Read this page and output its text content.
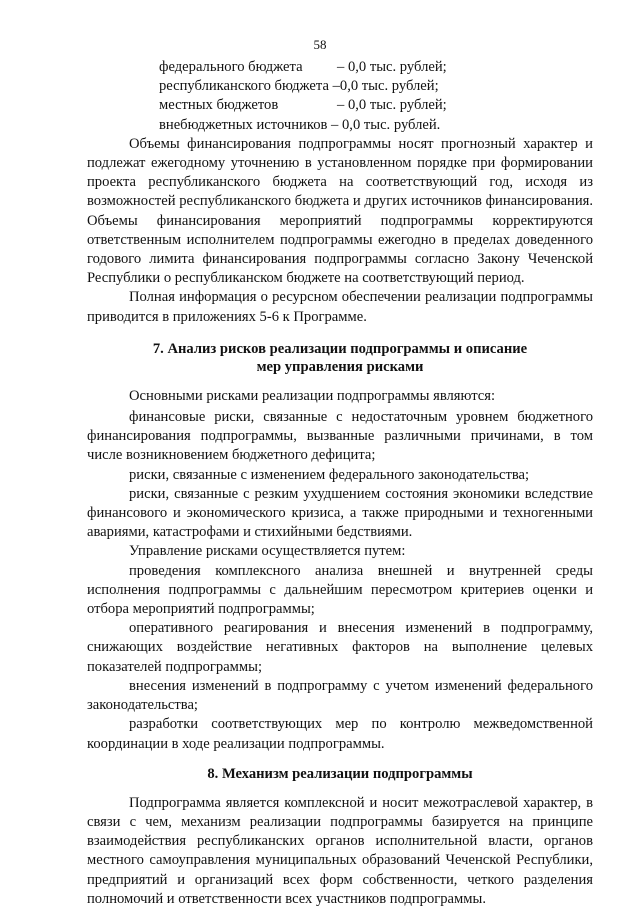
58
федерального бюджета – 0,0 тыс. рублей;
республиканского бюджета –0,0 тыс. рублей;
местных бюджетов	– 0,0 тыс. рублей;
внебюджетных источников – 0,0 тыс. рублей.

Объемы финансирования подпрограммы носят прогнозный характер и подлежат ежегодному уточнению в установленном порядке при формировании проекта республиканского бюджета на соответствующий год, исходя из возможностей республиканского бюджета и других источников финансирования. Объемы финансирования мероприятий подпрограммы корректируются ответственным исполнителем подпрограммы ежегодно в пределах доведенного годового лимита финансирования подпрограммы согласно Закону Чеченской Республики о республиканском бюджете на соответствующий период.

Полная информация о ресурсном обеспечении реализации подпрограммы приводится в приложениях 5-6 к Программе.

7. Анализ рисков реализации подпрограммы и описание
мер управления рисками

Основными рисками реализации подпрограммы являются:

финансовые риски, связанные с недостаточным уровнем бюджетного финансирования подпрограммы, вызванные различными причинами, в том числе возникновением бюджетного дефицита;

риски, связанные с изменением федерального законодательства;

риски, связанные с резким ухудшением состояния экономики вследствие финансового и экономического кризиса, а также природными и техногенными авариями, катастрофами и стихийными бедствиями.

Управление рисками осуществляется путем:

проведения комплексного анализа внешней и внутренней среды исполнения подпрограммы с дальнейшим пересмотром критериев оценки и отбора мероприятий подпрограммы;

оперативного реагирования и внесения изменений в подпрограмму, снижающих воздействие негативных факторов на выполнение целевых показателей подпрограммы;

внесения изменений в подпрограмму с учетом изменений федерального законодательства;

разработки соответствующих мер по контролю межведомственной координации в ходе реализации подпрограммы.

8. Механизм реализации подпрограммы

Подпрограмма является комплексной и носит межотраслевой характер, в связи с чем, механизм реализации подпрограммы базируется на принципе взаимодействия республиканских органов исполнительной власти, органов местного самоуправления муниципальных образований Чеченской Республики, предприятий и организаций всех форм собственности, четкого разделения полномочий и ответственности всех участников подпрограммы.
